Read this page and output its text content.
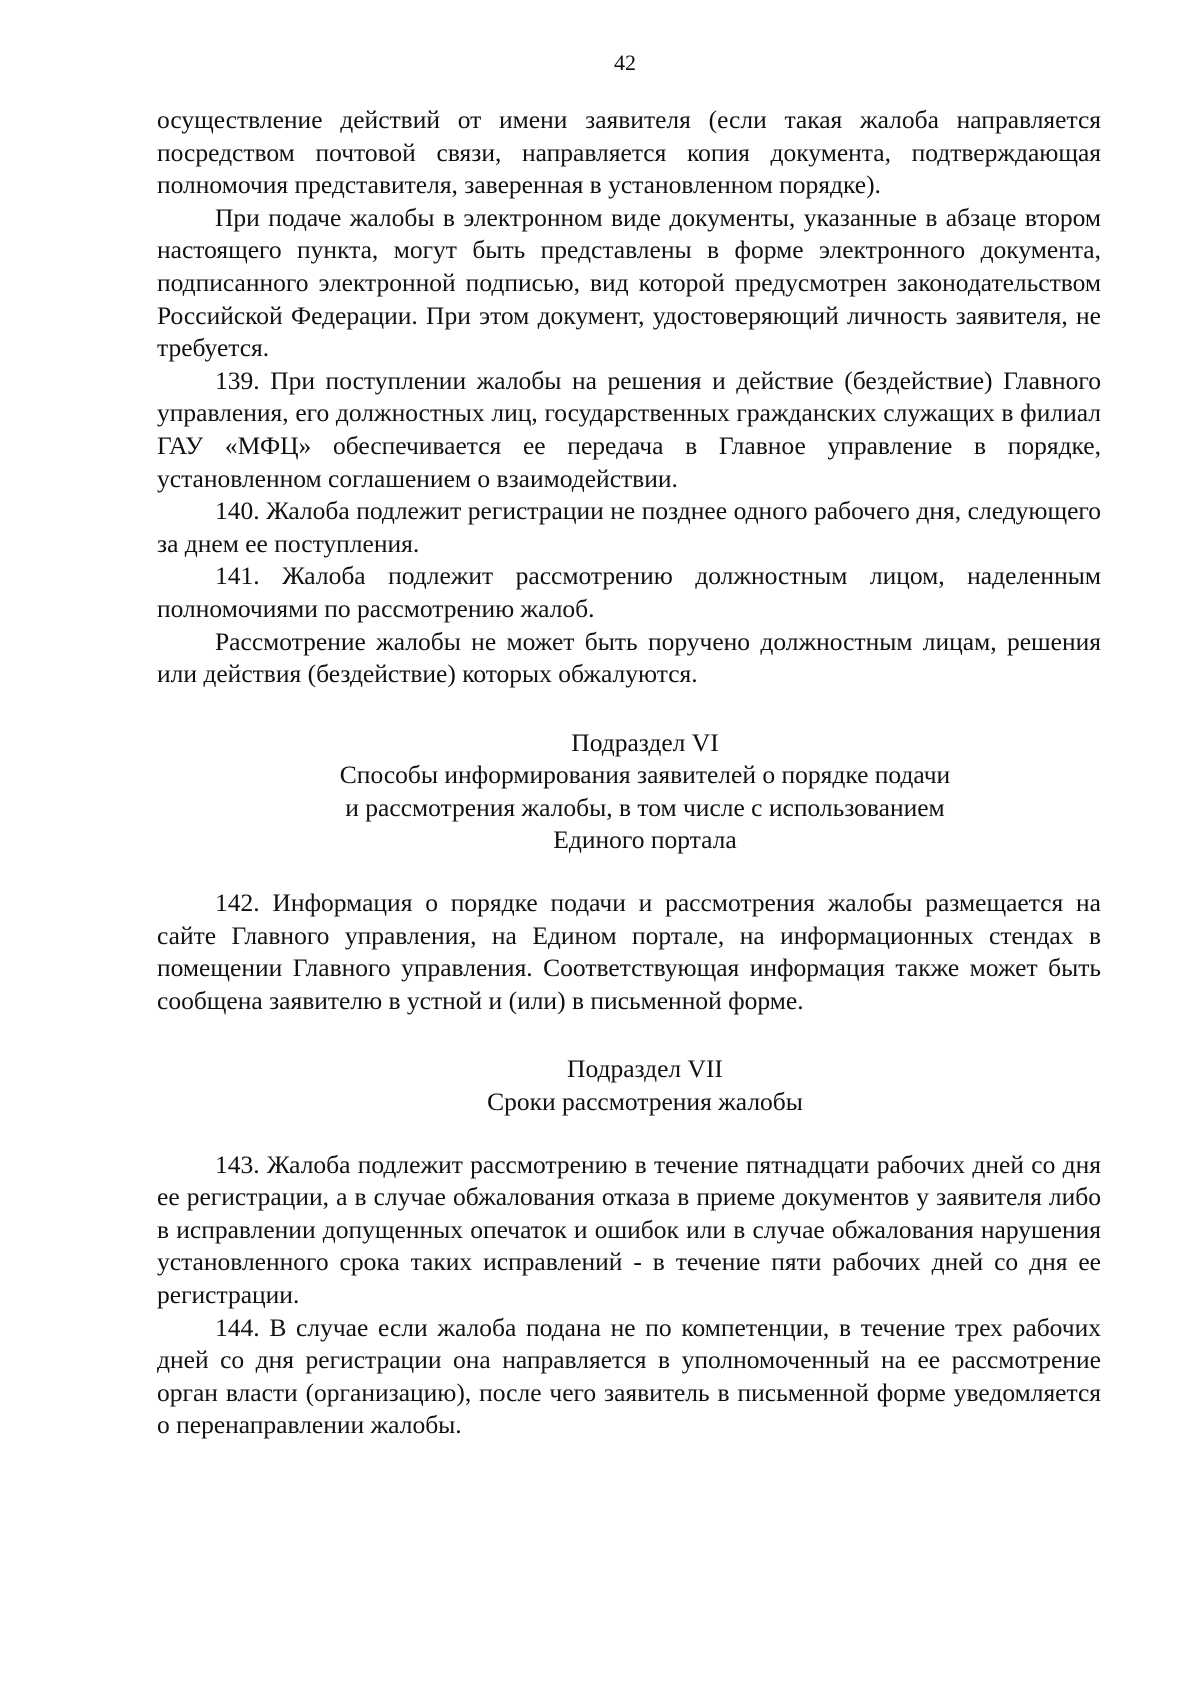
42

осуществление действий от имени заявителя (если такая жалоба направляется посредством почтовой связи, направляется копия документа, подтверждающая полномочия представителя, заверенная в установленном порядке).

При подаче жалобы в электронном виде документы, указанные в абзаце втором настоящего пункта, могут быть представлены в форме электронного документа, подписанного электронной подписью, вид которой предусмотрен законодательством Российской Федерации. При этом документ, удостоверяющий личность заявителя, не требуется.

139. При поступлении жалобы на решения и действие (бездействие) Главного управления, его должностных лиц, государственных гражданских служащих в филиал ГАУ «МФЦ» обеспечивается ее передача в Главное управление в порядке, установленном соглашением о взаимодействии.

140. Жалоба подлежит регистрации не позднее одного рабочего дня, следующего за днем ее поступления.

141. Жалоба подлежит рассмотрению должностным лицом, наделенным полномочиями по рассмотрению жалоб.

Рассмотрение жалобы не может быть поручено должностным лицам, решения или действия (бездействие) которых обжалуются.

Подраздел VI
Способы информирования заявителей о порядке подачи
и рассмотрения жалобы, в том числе с использованием
Единого портала

142. Информация о порядке подачи и рассмотрения жалобы размещается на сайте Главного управления, на Едином портале, на информационных стендах в помещении Главного управления. Соответствующая информация также может быть сообщена заявителю в устной и (или) в письменной форме.

Подраздел VII
Сроки рассмотрения жалобы

143. Жалоба подлежит рассмотрению в течение пятнадцати рабочих дней со дня ее регистрации, а в случае обжалования отказа в приеме документов у заявителя либо в исправлении допущенных опечаток и ошибок или в случае обжалования нарушения установленного срока таких исправлений - в течение пяти рабочих дней со дня ее регистрации.

144. В случае если жалоба подана не по компетенции, в течение трех рабочих дней со дня регистрации она направляется в уполномоченный на ее рассмотрение орган власти (организацию), после чего заявитель в письменной форме уведомляется о перенаправлении жалобы.
